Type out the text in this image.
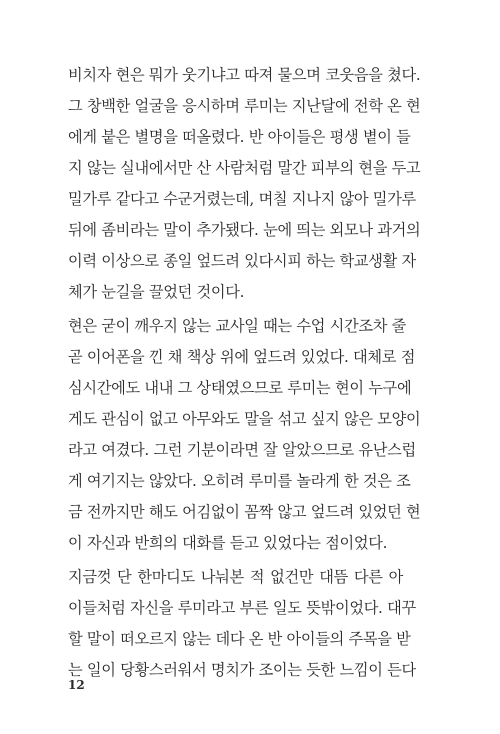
비치자 현은 뭐가 웃기냐고 따져 물으며 코웃음을 쳤다.
그 창백한 얼굴을 응시하며 루미는 지난달에 전학 온 현
에게 붙은 별명을 떠올렸다. 반 아이들은 평생 볕이 들
지 않는 실내에서만 산 사람처럼 말간 피부의 현을 두고
밀가루 같다고 수군거렸는데, 며칠 지나지 않아 밀가루
뒤에 좀비라는 말이 추가됐다. 눈에 띄는 외모나 과거의
이력 이상으로 종일 엎드려 있다시피 하는 학교생활 자
체가 눈길을 끌었던 것이다.
현은 굳이 깨우지 않는 교사일 때는 수업 시간조차 줄
곧 이어폰을 낀 채 책상 위에 엎드려 있었다. 대체로 점
심시간에도 내내 그 상태였으므로 루미는 현이 누구에
게도 관심이 없고 아무와도 말을 섞고 싶지 않은 모양이
라고 여겼다. 그런 기분이라면 잘 알았으므로 유난스럽
게 여기지는 않았다. 오히려 루미를 놀라게 한 것은 조
금 전까지만 해도 어김없이 꼼짝 않고 엎드려 있었던 현
이 자신과 반희의 대화를 듣고 있었다는 점이었다.
지금껏 단 한마디도 나눠본 적 없건만 대뜸 다른 아
이들처럼 자신을 루미라고 부른 일도 뜻밖이었다. 대꾸
할 말이 떠오르지 않는 데다 온 반 아이들의 주목을 받
는 일이 당황스러워서 명치가 조이는 듯한 느낌이 든다
12
